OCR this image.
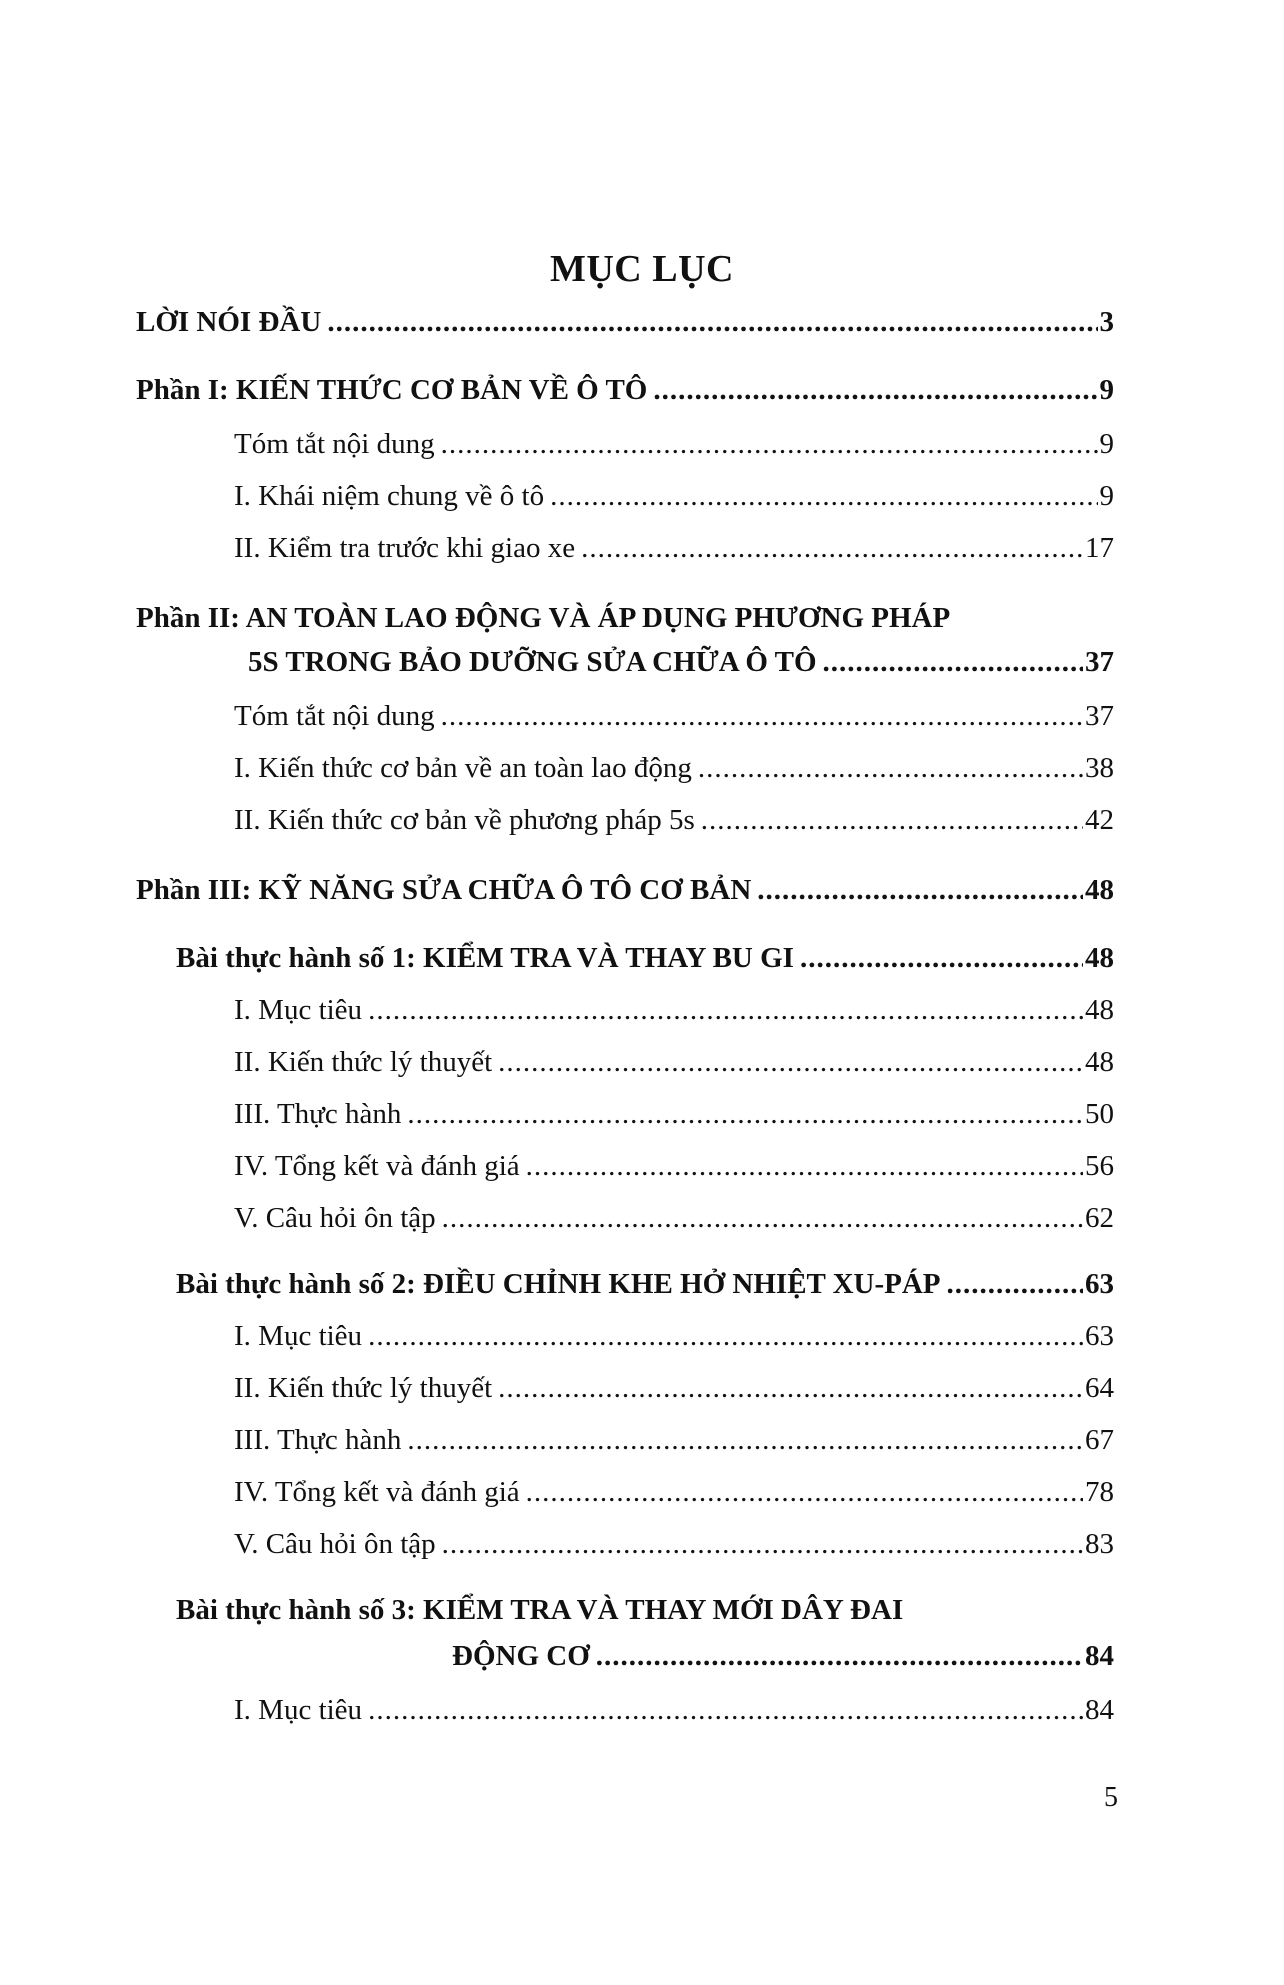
MỤC LỤC
LỜI NÓI ĐẦU .....	3
Phần I: KIẾN THỨC CƠ BẢN VỀ Ô TÔ .....	9
Tóm tắt nội dung .....	9
I. Khái niệm chung về ô tô .....	9
II. Kiểm tra trước khi giao xe .....	17
Phần II: AN TOÀN LAO ĐỘNG VÀ ÁP DỤNG PHƯƠNG PHÁP
5S TRONG BẢO DƯỠNG SỬA CHỮA Ô TÔ .....	37
Tóm tắt nội dung .....	37
I. Kiến thức cơ bản về an toàn lao động .....	38
II. Kiến thức cơ bản về phương pháp 5s .....	42
Phần III: KỸ NĂNG SỬA CHỮA Ô TÔ CƠ BẢN .....	48
Bài thực hành số 1: KIỂM TRA VÀ THAY BU GI .....	48
I. Mục tiêu .....	48
II. Kiến thức lý thuyết .....	48
III. Thực hành .....	50
IV. Tổng kết và đánh giá .....	56
V. Câu hỏi ôn tập .....	62
Bài thực hành số 2: ĐIỀU CHỈNH KHE HỞ NHIỆT XU-PÁP .....	63
I. Mục tiêu .....	63
II. Kiến thức lý thuyết .....	64
III. Thực hành .....	67
IV. Tổng kết và đánh giá .....	78
V. Câu hỏi ôn tập .....	83
Bài thực hành số 3: KIỂM TRA VÀ THAY MỚI DÂY ĐAI
ĐỘNG CƠ .....	84
I. Mục tiêu .....	84
5
